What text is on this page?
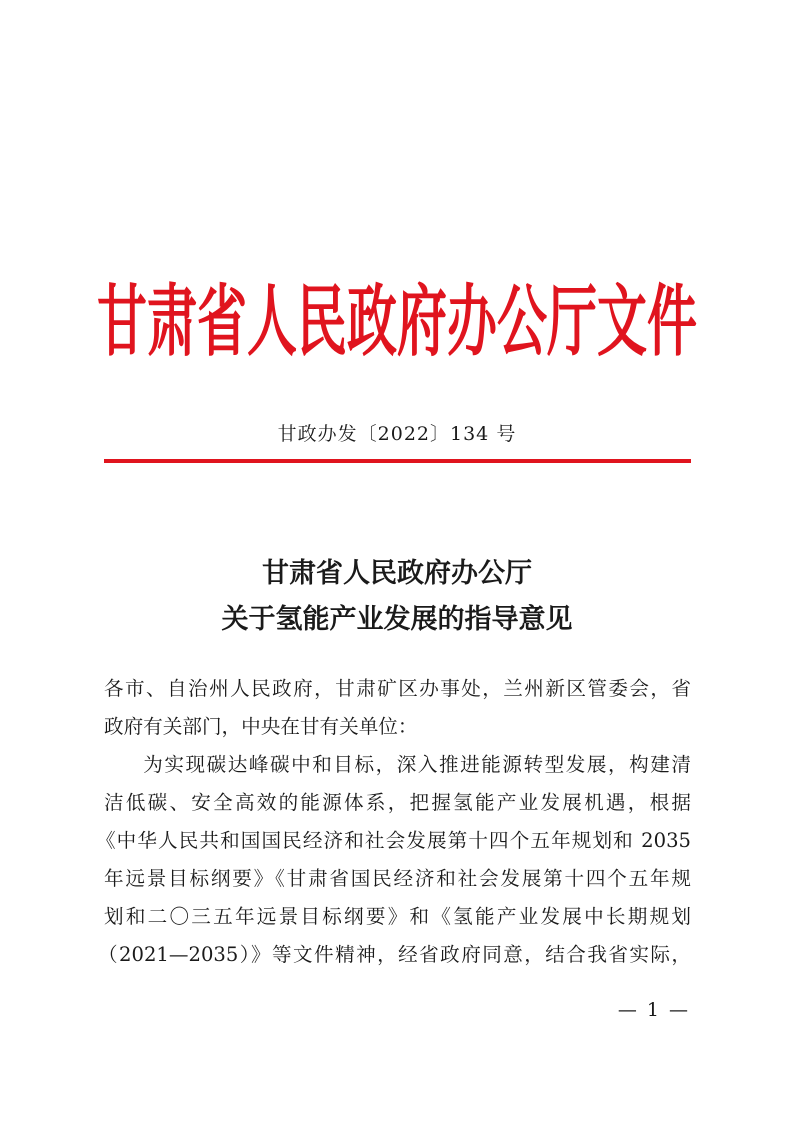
甘肃省人民政府办公厅文件
甘政办发〔2022〕134 号
甘肃省人民政府办公厅
关于氢能产业发展的指导意见
各市、自治州人民政府，甘肃矿区办事处，兰州新区管委会，省
政府有关部门，中央在甘有关单位：
为实现碳达峰碳中和目标，深入推进能源转型发展，构建清
洁低碳、安全高效的能源体系，把握氢能产业发展机遇，根据
《中华人民共和国国民经济和社会发展第十四个五年规划和 2035
年远景目标纲要》《甘肃省国民经济和社会发展第十四个五年规
划和二〇三五年远景目标纲要》和《氢能产业发展中长期规划
（2021—2035）》等文件精神，经省政府同意，结合我省实际，
— 1 —
